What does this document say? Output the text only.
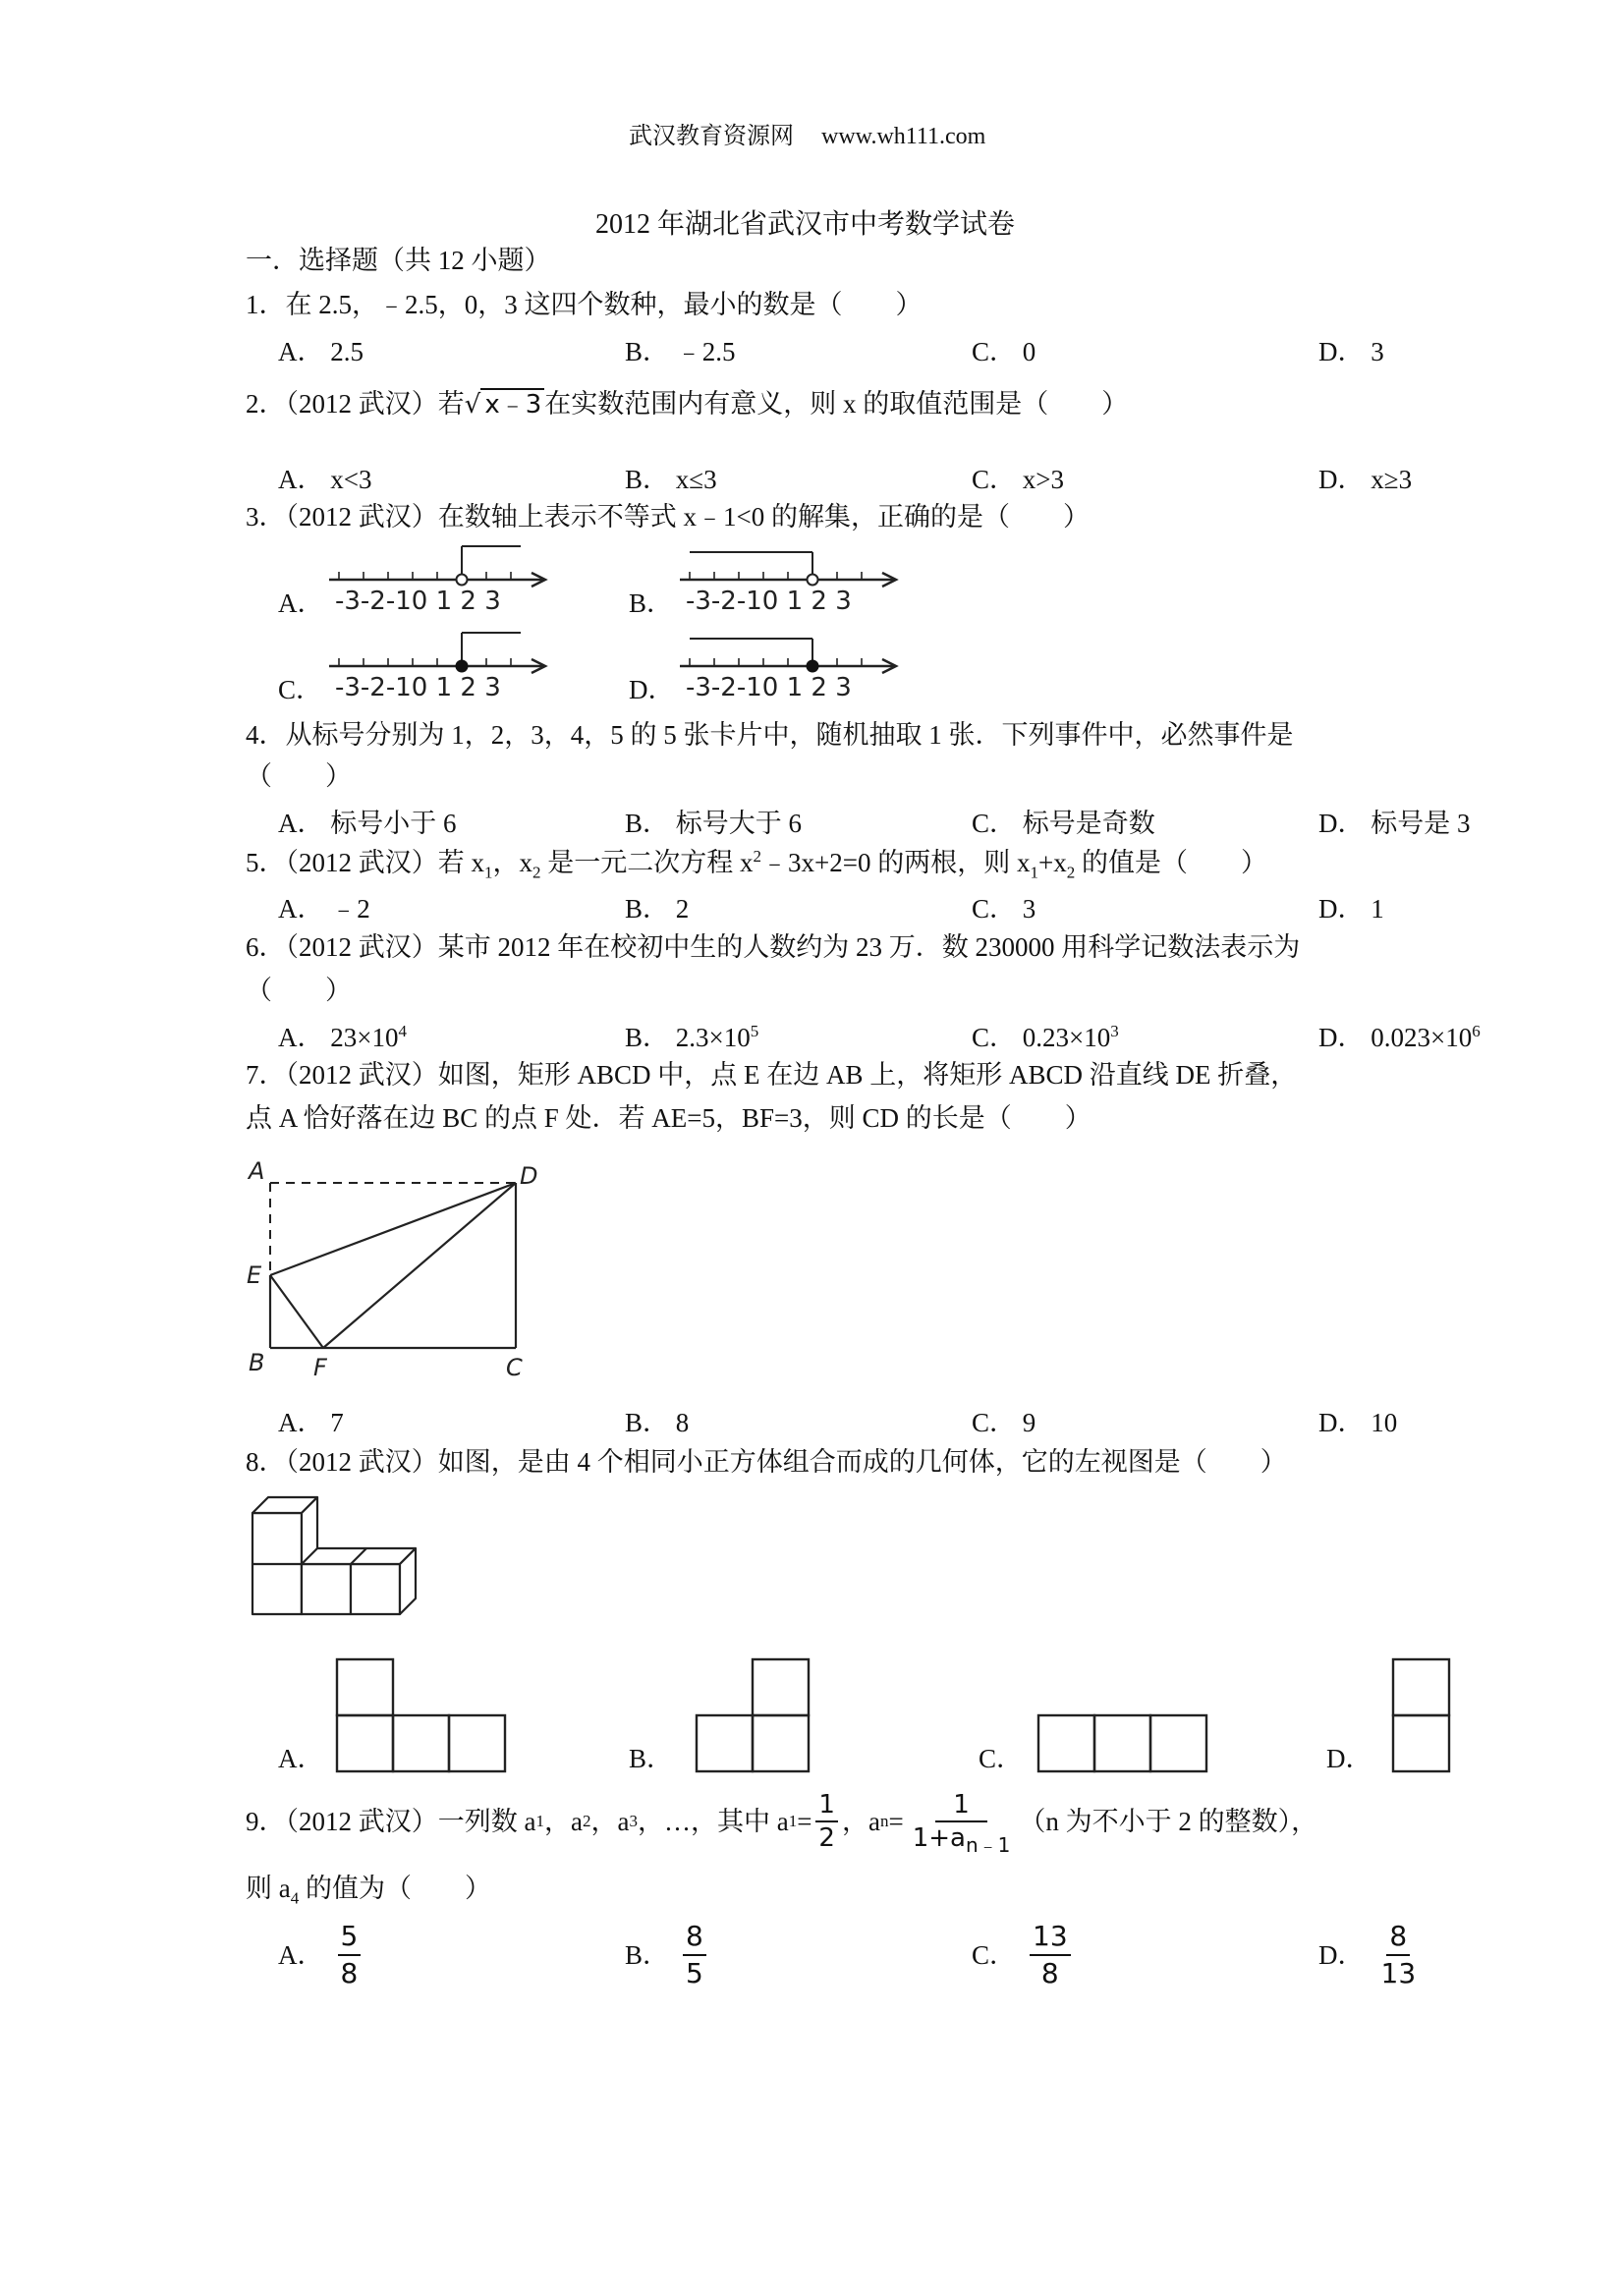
武汉教育资源网 www.wh111.com
2012 年湖北省武汉市中考数学试卷
一．选择题（共 12 小题）
1．在 2.5，﹣2.5，0，3 这四个数种，最小的数是（　　）
A． 2.5	B． ﹣2.5	C． 0	D． 3
2．（2012 武汉）若√ x﹣3 在实数范围内有意义，则 x 的取值范围是（　　）
A． x<3	B． x≤3	C． x>3	D． x≥3
3．（2012 武汉）在数轴上表示不等式 x﹣1<0 的解集，正确的是（　　）
A． -3-2-10 1 2 3	B． -3-2-10 1 2 3
C． -3-2-10 1 2 3	D． -3-2-10 1 2 3
4．从标号分别为 1，2，3，4，5 的 5 张卡片中，随机抽取 1 张．下列事件中，必然事件是
（　　）
A． 标号小于 6	B． 标号大于 6	C． 标号是奇数	D． 标号是 3
5．（2012 武汉）若 $x_1$，$x_2$ 是一元二次方程 $x^2﹣3x+2=0$ 的两根，则 $x_1+x_2$ 的值是（　　）
A． ﹣2	B． 2	C． 3	D． 1
6．（2012 武汉）某市 2012 年在校初中生的人数约为 23 万．数 230000 用科学记数法表示为
（　　）
A． $23\times 10^4$	B． $2.3\times 10^5$	C． $0.23\times 10^3$	D． $0.023\times 10^6$
7．（2012 武汉）如图，矩形 ABCD 中，点 E 在边 AB 上，将矩形 ABCD 沿直线 DE 折叠，
点 A 恰好落在边 BC 的点 F 处．若 AE=5，BF=3，则 CD 的长是（　　）
A	D
E
B F	C
A． 7	B． 8	C． 9	D． 10
8．（2012 武汉）如图，是由 4 个相同小正方体组合而成的几何体，它的左视图是（　　）
A．	B．	C．	D．
9．（2012 武汉）一列数 a 1 ，a 2 ，a 3 ，…，其中 a $1 = \frac{1}{2}$ ，a $n = \frac{1}{1+a_{n﹣1}} (n$ 为不小于 2 的整数），
则 $a_4$ 的值为（　　）
A． $\frac{5}{8}$	B． $\frac{8}{5}$	C． $\frac{13}{8}$	D． $\frac{8}{13}$
